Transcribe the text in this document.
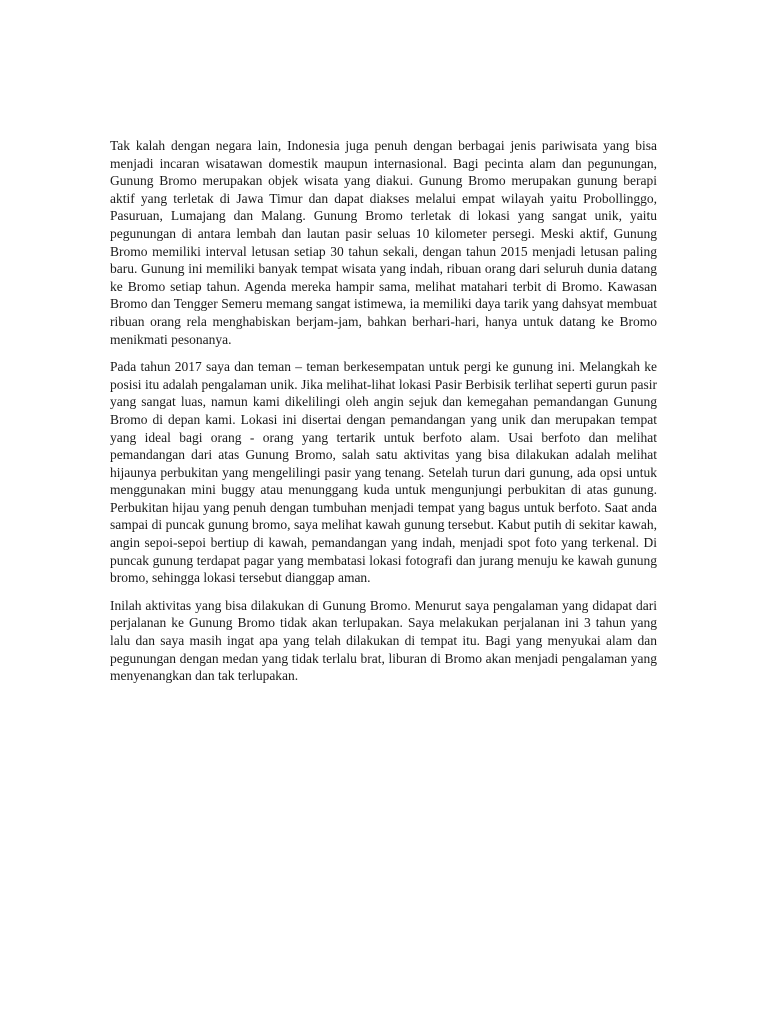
Tak kalah dengan negara lain, Indonesia juga penuh dengan berbagai jenis pariwisata yang bisa menjadi incaran wisatawan domestik maupun internasional. Bagi pecinta alam dan pegunungan, Gunung Bromo merupakan objek wisata yang diakui. Gunung Bromo merupakan gunung berapi aktif yang terletak di Jawa Timur dan dapat diakses melalui empat wilayah yaitu Probollinggo, Pasuruan, Lumajang dan Malang. Gunung Bromo terletak di lokasi yang sangat unik, yaitu pegunungan di antara lembah dan lautan pasir seluas 10 kilometer persegi. Meski aktif, Gunung Bromo memiliki interval letusan setiap 30 tahun sekali, dengan tahun 2015 menjadi letusan paling baru. Gunung ini memiliki banyak tempat wisata yang indah, ribuan orang dari seluruh dunia datang ke Bromo setiap tahun. Agenda mereka hampir sama, melihat matahari terbit di Bromo. Kawasan Bromo dan Tengger Semeru memang sangat istimewa, ia memiliki daya tarik yang dahsyat membuat ribuan orang rela menghabiskan berjam-jam, bahkan berhari-hari, hanya untuk datang ke Bromo menikmati pesonanya.

Pada tahun 2017 saya dan teman – teman berkesempatan untuk pergi ke gunung ini. Melangkah ke posisi itu adalah pengalaman unik. Jika melihat-lihat lokasi Pasir Berbisik terlihat seperti gurun pasir yang sangat luas, namun kami dikelilingi oleh angin sejuk dan kemegahan pemandangan Gunung Bromo di depan kami. Lokasi ini disertai dengan pemandangan yang unik dan merupakan tempat yang ideal bagi orang - orang yang tertarik untuk berfoto alam. Usai berfoto dan melihat pemandangan dari atas Gunung Bromo, salah satu aktivitas yang bisa dilakukan adalah melihat hijaunya perbukitan yang mengelilingi pasir yang tenang. Setelah turun dari gunung, ada opsi untuk menggunakan mini buggy atau menunggang kuda untuk mengunjungi perbukitan di atas gunung. Perbukitan hijau yang penuh dengan tumbuhan menjadi tempat yang bagus untuk berfoto. Saat anda sampai di puncak gunung bromo, saya melihat kawah gunung tersebut. Kabut putih di sekitar kawah, angin sepoi-sepoi bertiup di kawah, pemandangan yang indah, menjadi spot foto yang terkenal. Di puncak gunung terdapat pagar yang membatasi lokasi fotografi dan jurang menuju ke kawah gunung bromo, sehingga lokasi tersebut dianggap aman.

Inilah aktivitas yang bisa dilakukan di Gunung Bromo. Menurut saya pengalaman yang didapat dari perjalanan ke Gunung Bromo tidak akan terlupakan. Saya melakukan perjalanan ini 3 tahun yang lalu dan saya masih ingat apa yang telah dilakukan di tempat itu. Bagi yang menyukai alam dan pegunungan dengan medan yang tidak terlalu brat, liburan di Bromo akan menjadi pengalaman yang menyenangkan dan tak terlupakan.
